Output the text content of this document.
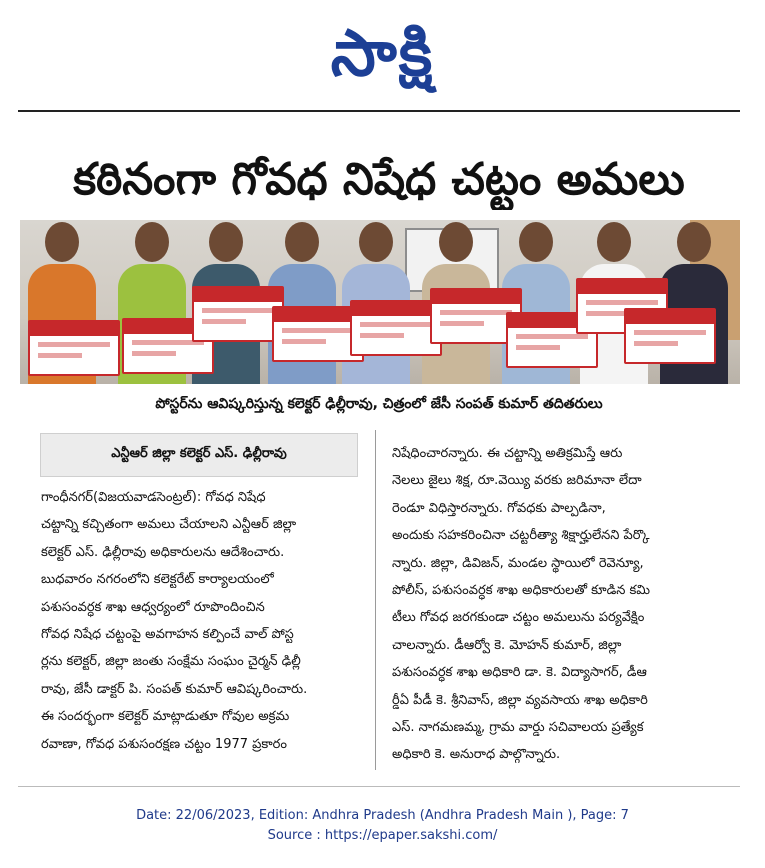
సాక్షి
కఠినంగా గోవధ నిషేధ చట్టం అమలు
పోస్టర్‌ను ఆవిష్కరిస్తున్న కలెక్టర్ ఢిల్లీరావు, చిత్రంలో జేసీ సంపత్ కుమార్ తదితరులు
ఎన్టీఆర్ జిల్లా కలెక్టర్ ఎస్. ఢిల్లీరావు
గాంధీనగర్(విజయవాడసెంట్రల్): గోవధ నిషేధ
చట్టాన్ని కచ్చితంగా అమలు చేయాలని ఎన్టీఆర్ జిల్లా
కలెక్టర్ ఎస్. ఢిల్లీరావు అధికారులను ఆదేశించారు.
బుధవారం నగరంలోని కలెక్టరేట్ కార్యాలయంలో
పశుసంవర్ధక శాఖ ఆధ్వర్యంలో రూపొందించిన
గోవధ నిషేధ చట్టంపై అవగాహన కల్పించే వాల్ పోస్ట
ర్లను కలెక్టర్, జిల్లా జంతు సంక్షేమ సంఘం చైర్మన్ ఢిల్లీ
రావు, జేసీ డాక్టర్ పి. సంపత్ కుమార్ ఆవిష్కరించారు.
ఈ సందర్భంగా కలెక్టర్ మాట్లాడుతూ గోవుల అక్రమ
రవాణా, గోవధ పశుసంరక్షణ చట్టం 1977 ప్రకారం
నిషేధించారన్నారు. ఈ చట్టాన్ని అతిక్రమిస్తే ఆరు
నెలలు జైలు శిక్ష, రూ.వెయ్యి వరకు జరిమానా లేదా
రెండూ విధిస్తారన్నారు. గోవధకు పాల్పడినా,
అందుకు సహకరించినా చట్టరీత్యా శిక్షార్హులేనని పేర్కొ
న్నారు. జిల్లా, డివిజన్, మండల స్థాయిలో రెవెన్యూ,
పోలీస్, పశుసంవర్ధక శాఖ అధికారులతో కూడిన కమి
టీలు గోవధ జరగకుండా చట్టం అమలును పర్యవేక్షిం
చాలన్నారు. డీఆర్వో కె. మోహన్ కుమార్, జిల్లా
పశుసంవర్ధక శాఖ అధికారి డా. కె. విద్యాసాగర్, డీఆ
ర్డీఏ పీడీ కె. శ్రీనివాస్, జిల్లా వ్యవసాయ శాఖ అధికారి
ఎస్. నాగమణమ్మ, గ్రామ వార్డు సచివాలయ ప్రత్యేక
అధికారి కె. అనురాధ పాల్గొన్నారు.
Date: 22/06/2023, Edition: Andhra Pradesh (Andhra Pradesh Main ), Page: 7
Source : https://epaper.sakshi.com/
